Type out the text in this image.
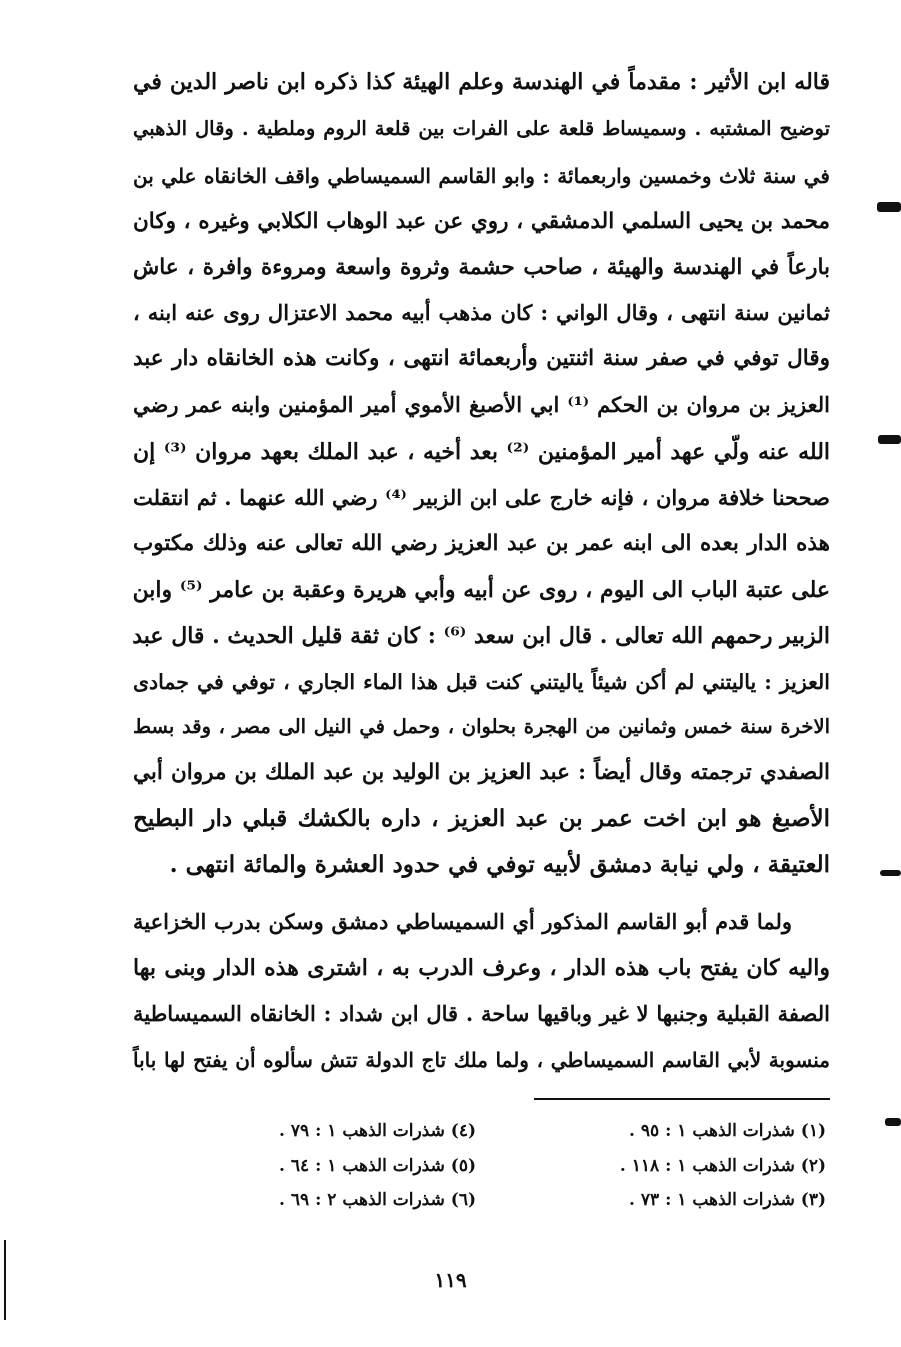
قاله ابن الأثير : مقدماً في الهندسة وعلم الهيئة كذا ذكره ابن ناصر الدين في
توضيح المشتبه . وسميساط قلعة على الفرات بين قلعة الروم وملطية . وقال الذهبي
في سنة ثلاث وخمسين واربعمائة : وابو القاسم السميساطي واقف الخانقاه علي بن
محمد بن يحيى السلمي الدمشقي ، روي عن عبد الوهاب الكلابي وغيره ، وكان
بارعاً في الهندسة والهيئة ، صاحب حشمة وثروة واسعة ومروءة وافرة ، عاش
ثمانين سنة انتهى ، وقال الواني : كان مذهب أبيه محمد الاعتزال روى عنه ابنه ،
وقال توفي في صفر سنة اثنتين وأربعمائة انتهى ، وكانت هذه الخانقاه دار عبد
العزيز بن مروان بن الحكم ⁽¹⁾ ابي الأصبغ الأموي أمير المؤمنين وابنه عمر رضي
الله عنه ولّي عهد أمير المؤمنين ⁽²⁾ بعد أخيه ، عبد الملك بعهد مروان ⁽³⁾ إن
صححنا خلافة مروان ، فإنه خارج على ابن الزبير ⁽⁴⁾ رضي الله عنهما . ثم انتقلت
هذه الدار بعده الى ابنه عمر بن عبد العزيز رضي الله تعالى عنه وذلك مكتوب
على عتبة الباب الى اليوم ، روى عن أبيه وأبي هريرة وعقبة بن عامر ⁽⁵⁾ وابن
الزبير رحمهم الله تعالى . قال ابن سعد ⁽⁶⁾ : كان ثقة قليل الحديث . قال عبد
العزيز : ياليتني لم أكن شيئاً ياليتني كنت قبل هذا الماء الجاري ، توفي في جمادى
الاخرة سنة خمس وثمانين من الهجرة بحلوان ، وحمل في النيل الى مصر ، وقد بسط
الصفدي ترجمته وقال أيضاً : عبد العزيز بن الوليد بن عبد الملك بن مروان أبي
الأصبغ هو ابن اخت عمر بن عبد العزيز ، داره بالكشك قبلي دار البطيح
العتيقة ، ولي نيابة دمشق لأبيه توفي في حدود العشرة والمائة انتهى .
ولما قدم أبو القاسم المذكور أي السميساطي دمشق وسكن بدرب الخزاعية
واليه كان يفتح باب هذه الدار ، وعرف الدرب به ، اشترى هذه الدار وبنى بها
الصفة القبلية وجنبها لا غير وباقيها ساحة . قال ابن شداد : الخانقاه السميساطية
منسوبة لأبي القاسم السميساطي ، ولما ملك تاج الدولة تتش سألوه أن يفتح لها باباً
(١) شذرات الذهب ١ : ٩٥ .
(٢) شذرات الذهب ١ : ١١٨ .
(٣) شذرات الذهب ١ : ٧٣ .
(٤) شذرات الذهب ١ : ٧٩ .
(٥) شذرات الذهب ١ : ٦٤ .
(٦) شذرات الذهب ٢ : ٦٩ .
١١٩
